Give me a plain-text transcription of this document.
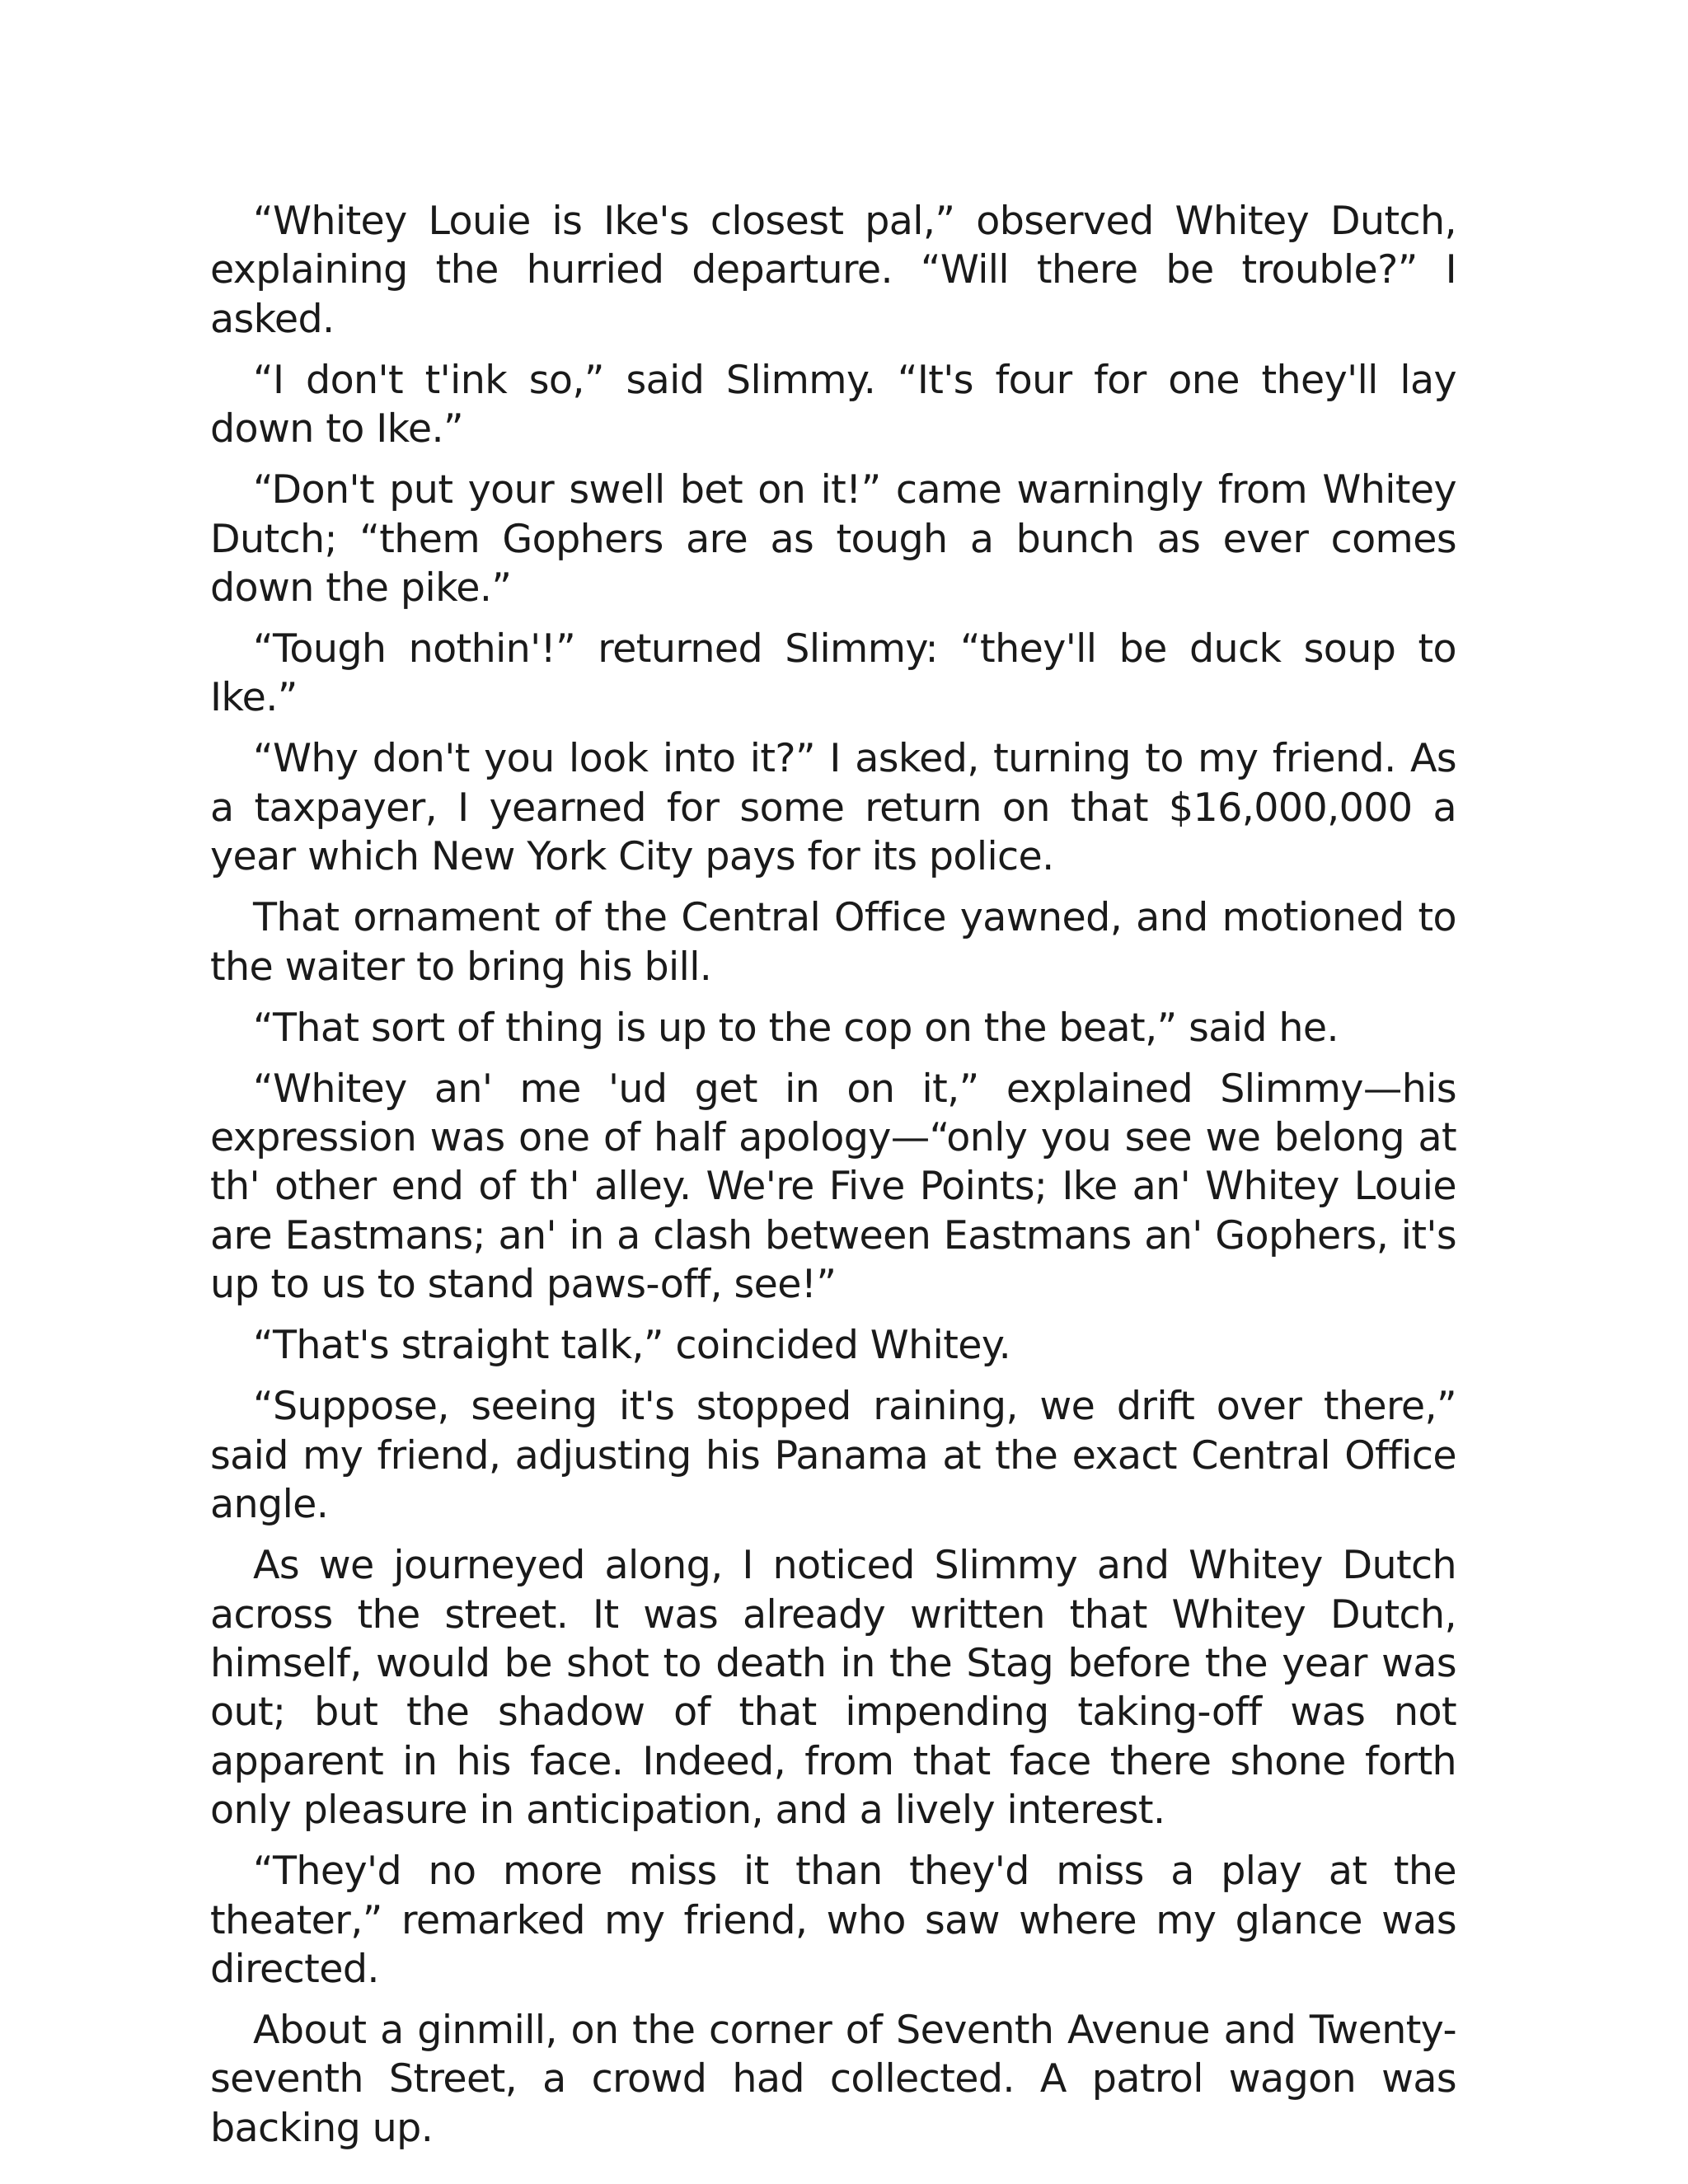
“Whitey Louie is Ike's closest pal,” observed Whitey Dutch, explaining the hurried departure. “Will there be trouble?” I asked.

“I don't t'ink so,” said Slimmy. “It's four for one they'll lay down to Ike.”

“Don't put your swell bet on it!” came warningly from Whitey Dutch; “them Gophers are as tough a bunch as ever comes down the pike.”

“Tough nothin'!” returned Slimmy: “they'll be duck soup to Ike.”

“Why don't you look into it?” I asked, turning to my friend. As a taxpayer, I yearned for some return on that $16,000,000 a year which New York City pays for its police.

That ornament of the Central Office yawned, and motioned to the waiter to bring his bill.

“That sort of thing is up to the cop on the beat,” said he.

“Whitey an' me 'ud get in on it,” explained Slimmy—his expression was one of half apology—“only you see we belong at th' other end of th' alley. We're Five Points; Ike an' Whitey Louie are Eastmans; an' in a clash between Eastmans an' Gophers, it's up to us to stand paws-off, see!”

“That's straight talk,” coincided Whitey.

“Suppose, seeing it's stopped raining, we drift over there,” said my friend, adjusting his Panama at the exact Central Office angle.

As we journeyed along, I noticed Slimmy and Whitey Dutch across the street. It was already written that Whitey Dutch, himself, would be shot to death in the Stag before the year was out; but the shadow of that impending taking-off was not apparent in his face. Indeed, from that face there shone forth only pleasure in anticipation, and a lively interest.

“They'd no more miss it than they'd miss a play at the theater,” remarked my friend, who saw where my glance was directed.

About a ginmill, on the corner of Seventh Avenue and Twenty-seventh Street, a crowd had collected. A patrol wagon was backing up.
